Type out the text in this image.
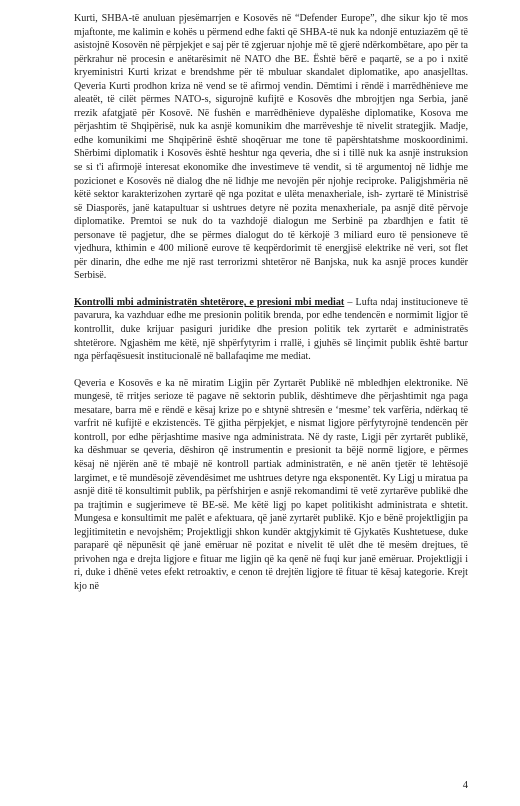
Kurti, SHBA-të anuluan pjesëmarrjen e Kosovës në “Defender Europe”, dhe sikur kjo të mos mjaftonte, me kalimin e kohës u përmend edhe fakti që SHBA-të nuk ka ndonjë entuziazëm që të asistojnë Kosovën në përpjekjet e saj për të zgjeruar njohje më të gjerë ndërkombëtare, apo për ta përkrahur në procesin e anëtarësimit në NATO dhe BE. Është bërë e paqartë, se a po i nxitë kryeministri Kurti krizat e brendshme për të mbuluar skandalet diplomatike, apo anasjelltas. Qeveria Kurti prodhon kriza në vend se të afirmoj vendin. Dëmtimi i rëndë i marrëdhënieve me aleatët, të cilët përmes NATO-s, sigurojnë kufijtë e Kosovës dhe mbrojtjen nga Serbia, janë rrezik afatgjatë për Kosovë. Në fushën e marrëdhënieve dypalëshe diplomatike, Kosova me përjashtim të Shqipërisë, nuk ka asnjë komunikim dhe marrëveshje të nivelit strategjik. Madje, edhe komunikimi me Shqipërinë është shoqëruar me tone të papërshtatshme moskoordinimi. Shërbimi diplomatik i Kosovës është heshtur nga qeveria, dhe si i tillë nuk ka asnjë instruksion se si t'i afirmojë interesat ekonomike dhe investimeve të vendit, si të argumentoj në lidhje me pozicionet e Kosovës në dialog dhe në lidhje me nevojën për njohje reciproke. Paligjshmëria në këtë sektor karakterizohen zyrtarë që nga pozitat e ulëta menaxheriale, ish- zyrtarë të Ministrisë së Diasporës, janë katapultuar si ushtrues detyre në pozita menaxheriale, pa asnjë ditë përvoje diplomatike. Premtoi se nuk do ta vazhdojë dialogun me Serbinë pa zbardhjen e fatit të personave të pagjetur, dhe se përmes dialogut do të kërkojë 3 miliard euro të pensioneve të vjedhura, kthimin e 400 milionë eurove të keqpërdorimit të energjisë elektrike në veri, sot flet për dinarin, dhe edhe me një rast terrorizmi shtetëror në Banjska, nuk ka asnjë proces kundër Serbisë.

Kontrolli mbi administratën shtetërore, e presioni mbi mediat – Lufta ndaj institucioneve të pavarura, ka vazhduar edhe me presionin politik brenda, por edhe tendencën e normimit ligjor të kontrollit, duke krijuar pasiguri juridike dhe presion politik tek zyrtarët e administratës shtetërore. Ngjashëm me këtë, një shpërfytyrim i rrallë, i gjuhës së linçimit publik është bartur nga përfaqësuesit institucionalë në ballafaqime me mediat.

Qeveria e Kosovës e ka në miratim Ligjin për Zyrtarët Publikë në mbledhjen elektronike. Në mungesë, të rritjes serioze të pagave në sektorin publik, dështimeve dhe përjashtimit nga paga mesatare, barra më e rëndë e kësaj krize po e shtynë shtresën e ‘mesme’ tek varfëria, ndërkaq të varfrit në kufijtë e ekzistencës. Të gjitha përpjekjet, e nismat ligjore përfytyrojnë tendencën për kontroll, por edhe përjashtime masive nga administrata. Në dy raste, Ligji për zyrtarët publikë, ka dëshmuar se qeveria, dëshiron që instrumentin e presionit ta bëjë normë ligjore, e përmes kësaj në njërën anë të mbajë në kontroll partiak administratën, e në anën tjetër të lehtësojë largimet, e të mundësojë zëvendësimet me ushtrues detyre nga eksponentët. Ky Ligj u miratua pa asnjë ditë të konsultimit publik, pa përfshirjen e asnjë rekomandimi të vetë zyrtarëve publikë dhe pa trajtimin e sugjerimeve të BE-së. Me këtë ligj po kapet politikisht administrata e shtetit. Mungesa e konsultimit me palët e afektuara, që janë zyrtarët publikë. Kjo e bënë projektligjin pa legjitimitetin e nevojshëm; Projektligji shkon kundër aktgjykimit të Gjykatës Kushtetuese, duke paraparë që nëpunësit që janë emëruar në pozitat e nivelit të ulët dhe të mesëm drejtues, të privohen nga e drejta ligjore e fituar me ligjin që ka qenë në fuqi kur janë emëruar. Projektligji i ri, duke i dhënë vetes efekt retroaktiv, e cenon të drejtën ligjore të fituar të kësaj kategorie. Krejt kjo në

4
